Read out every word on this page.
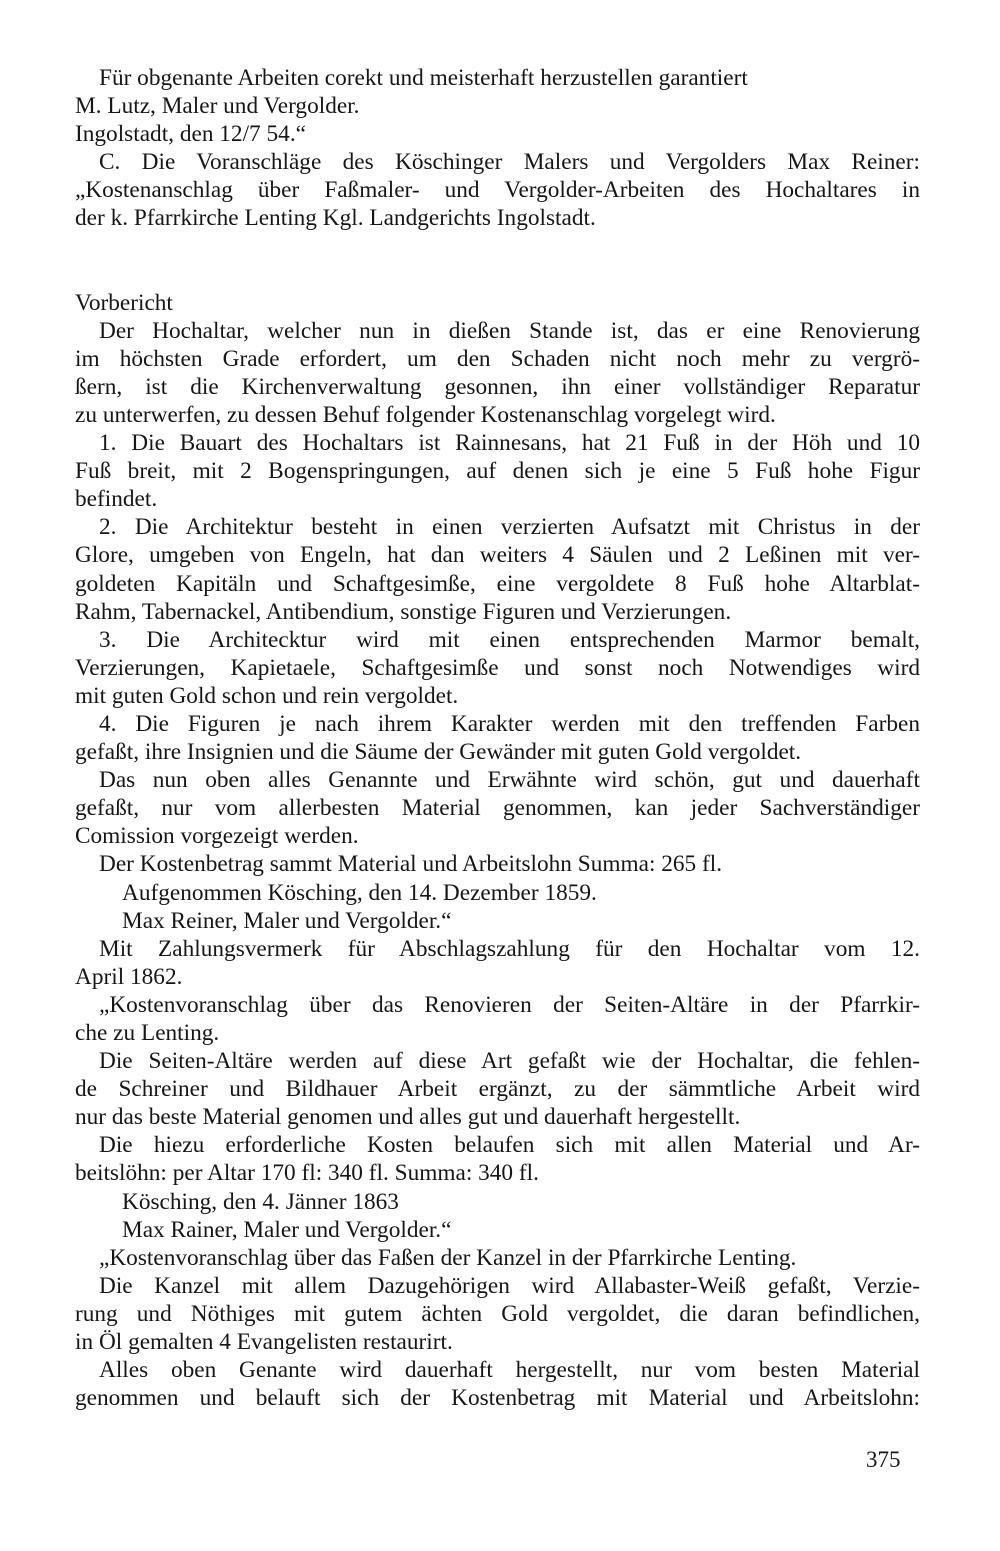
Für obgenante Arbeiten corekt und meisterhaft herzustellen garantiert
M. Lutz, Maler und Vergolder.
Ingolstadt, den 12/7 54.“
C. Die Voranschläge des Köschinger Malers und Vergolders Max Reiner:
„Kostenanschlag über Faßmaler- und Vergolder-Arbeiten des Hochaltares in
der k. Pfarrkirche Lenting Kgl. Landgerichts Ingolstadt.
Vorbericht
Der Hochaltar, welcher nun in dießen Stande ist, das er eine Renovierung
im höchsten Grade erfordert, um den Schaden nicht noch mehr zu vergrö-
ßern, ist die Kirchenverwaltung gesonnen, ihn einer vollständiger Reparatur
zu unterwerfen, zu dessen Behuf folgender Kostenanschlag vorgelegt wird.
1. Die Bauart des Hochaltars ist Rainnesans, hat 21 Fuß in der Höh und 10
Fuß breit, mit 2 Bogenspringungen, auf denen sich je eine 5 Fuß hohe Figur
befindet.
2. Die Architektur besteht in einen verzierten Aufsatzt mit Christus in der
Glore, umgeben von Engeln, hat dan weiters 4 Säulen und 2 Leßinen mit ver-
goldeten Kapitäln und Schaftgesimße, eine vergoldete 8 Fuß hohe Altarblat-
Rahm, Tabernackel, Antibendium, sonstige Figuren und Verzierungen.
3. Die Architecktur wird mit einen entsprechenden Marmor bemalt,
Verzierungen, Kapietaele, Schaftgesimße und sonst noch Notwendiges wird
mit guten Gold schon und rein vergoldet.
4. Die Figuren je nach ihrem Karakter werden mit den treffenden Farben
gefaßt, ihre Insignien und die Säume der Gewänder mit guten Gold vergoldet.
Das nun oben alles Genannte und Erwähnte wird schön, gut und dauerhaft
gefaßt, nur vom allerbesten Material genommen, kan jeder Sachverständiger
Comission vorgezeigt werden.
Der Kostenbetrag sammt Material und Arbeitslohn Summa: 265 fl.
Aufgenommen Kösching, den 14. Dezember 1859.
Max Reiner, Maler und Vergolder.“
Mit Zahlungsvermerk für Abschlagszahlung für den Hochaltar vom 12.
April 1862.
„Kostenvoranschlag über das Renovieren der Seiten-Altäre in der Pfarrkir-
che zu Lenting.
Die Seiten-Altäre werden auf diese Art gefaßt wie der Hochaltar, die fehlen-
de Schreiner und Bildhauer Arbeit ergänzt, zu der sämmtliche Arbeit wird
nur das beste Material genomen und alles gut und dauerhaft hergestellt.
Die hiezu erforderliche Kosten belaufen sich mit allen Material und Ar-
beitslöhn: per Altar 170 fl: 340 fl. Summa: 340 fl.
Kösching, den 4. Jänner 1863
Max Rainer, Maler und Vergolder.“
„Kostenvoranschlag über das Faßen der Kanzel in der Pfarrkirche Lenting.
Die Kanzel mit allem Dazugehörigen wird Allabaster-Weiß gefaßt, Verzie-
rung und Nöthiges mit gutem ächten Gold vergoldet, die daran befindlichen,
in Öl gemalten 4 Evangelisten restaurirt.
Alles oben Genante wird dauerhaft hergestellt, nur vom besten Material
genommen und belauft sich der Kostenbetrag mit Material und Arbeitslohn:
375
